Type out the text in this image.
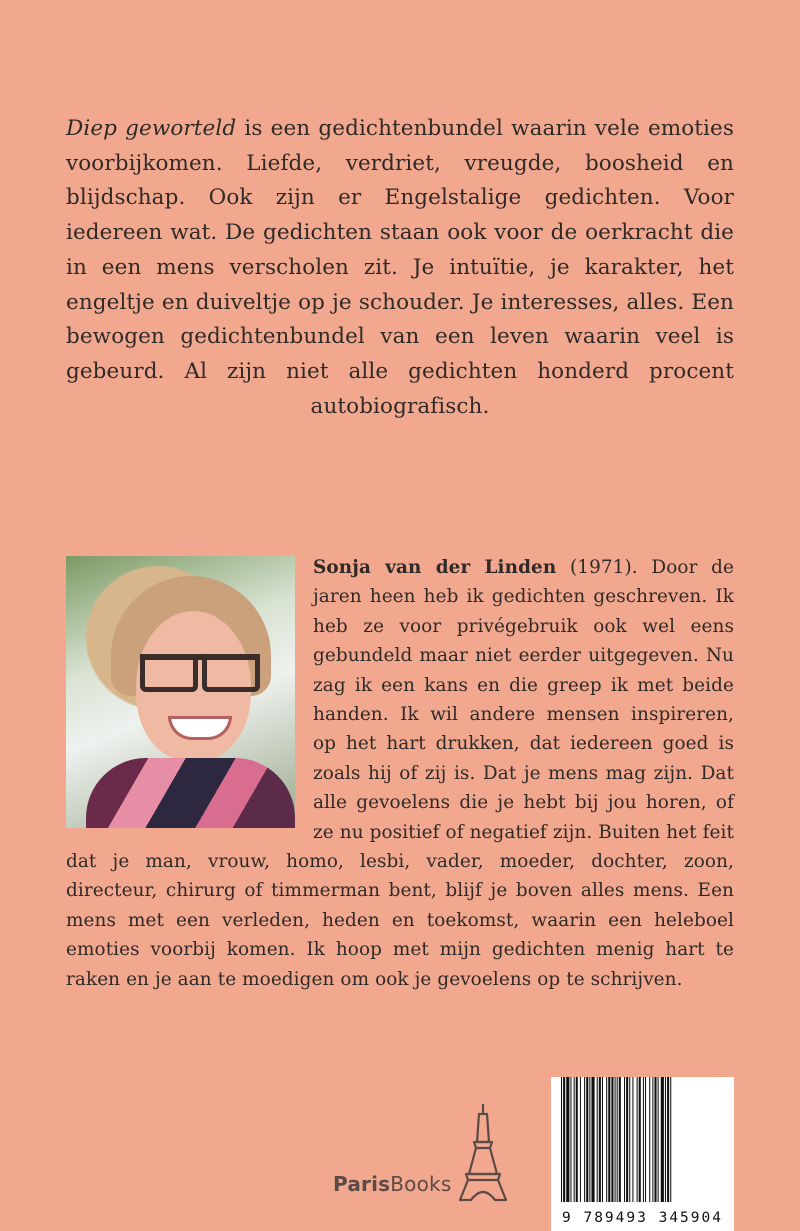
Diep geworteld is een gedichtenbundel waarin vele emoties voorbijkomen. Liefde, verdriet, vreugde, boosheid en blijdschap. Ook zijn er Engelstalige gedichten. Voor iedereen wat. De gedichten staan ook voor de oerkracht die in een mens verscholen zit. Je intuïtie, je karakter, het engeltje en duiveltje op je schouder. Je interesses, alles. Een bewogen gedichtenbundel van een leven waarin veel is gebeurd. Al zijn niet alle gedichten honderd procent autobiografisch.
Sonja van der Linden (1971). Door de jaren heen heb ik gedichten geschreven. Ik heb ze voor privégebruik ook wel eens gebundeld maar niet eerder uitgegeven. Nu zag ik een kans en die greep ik met beide handen. Ik wil andere mensen inspireren, op het hart drukken, dat iedereen goed is zoals hij of zij is. Dat je mens mag zijn. Dat alle gevoelens die je hebt bij jou horen, of ze nu positief of negatief zijn. Buiten het feit dat je man, vrouw, homo, lesbi, vader, moeder, dochter, zoon, directeur, chirurg of timmerman bent, blijf je boven alles mens. Een mens met een verleden, heden en toekomst, waarin een heleboel emoties voorbij komen. Ik hoop met mijn gedichten menig hart te raken en je aan te moedigen om ook je gevoelens op te schrijven.
ParisBooks
9 789493 345904
